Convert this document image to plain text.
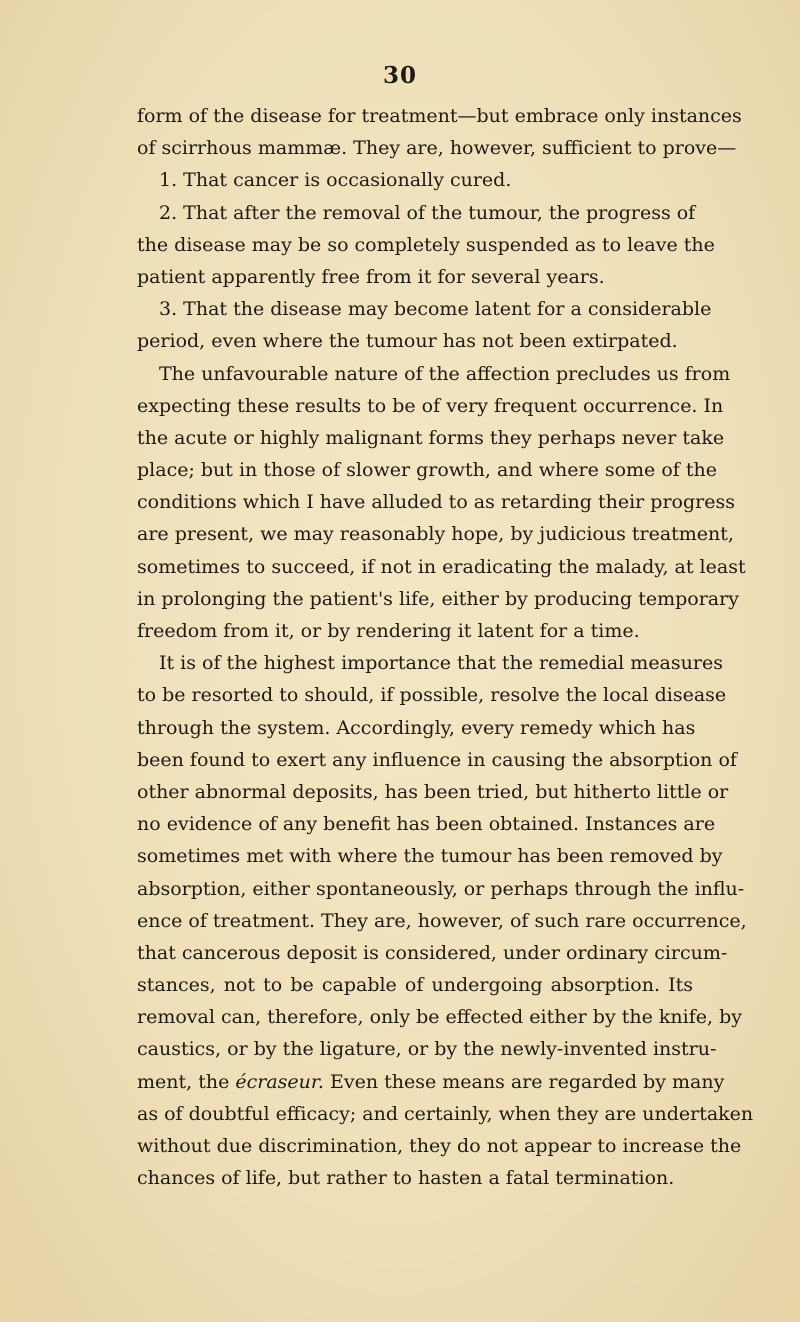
30
form of the disease for treatment—but embrace only instances
of scirrhous mammæ. They are, however, sufficient to prove—
1. That cancer is occasionally cured.
2. That after the removal of the tumour, the progress of
the disease may be so completely suspended as to leave the
patient apparently free from it for several years.
3. That the disease may become latent for a considerable
period, even where the tumour has not been extirpated.
The unfavourable nature of the affection precludes us from
expecting these results to be of very frequent occurrence. In
the acute or highly malignant forms they perhaps never take
place; but in those of slower growth, and where some of the
conditions which I have alluded to as retarding their progress
are present, we may reasonably hope, by judicious treatment,
sometimes to succeed, if not in eradicating the malady, at least
in prolonging the patient's life, either by producing temporary
freedom from it, or by rendering it latent for a time.
It is of the highest importance that the remedial measures
to be resorted to should, if possible, resolve the local disease
through the system. Accordingly, every remedy which has
been found to exert any influence in causing the absorption of
other abnormal deposits, has been tried, but hitherto little or
no evidence of any benefit has been obtained. Instances are
sometimes met with where the tumour has been removed by
absorption, either spontaneously, or perhaps through the influ-
ence of treatment. They are, however, of such rare occurrence,
that cancerous deposit is considered, under ordinary circum-
stances, not to be capable of undergoing absorption. Its
removal can, therefore, only be effected either by the knife, by
caustics, or by the ligature, or by the newly-invented instru-
ment, the écraseur. Even these means are regarded by many
as of doubtful efficacy; and certainly, when they are undertaken
without due discrimination, they do not appear to increase the
chances of life, but rather to hasten a fatal termination.
